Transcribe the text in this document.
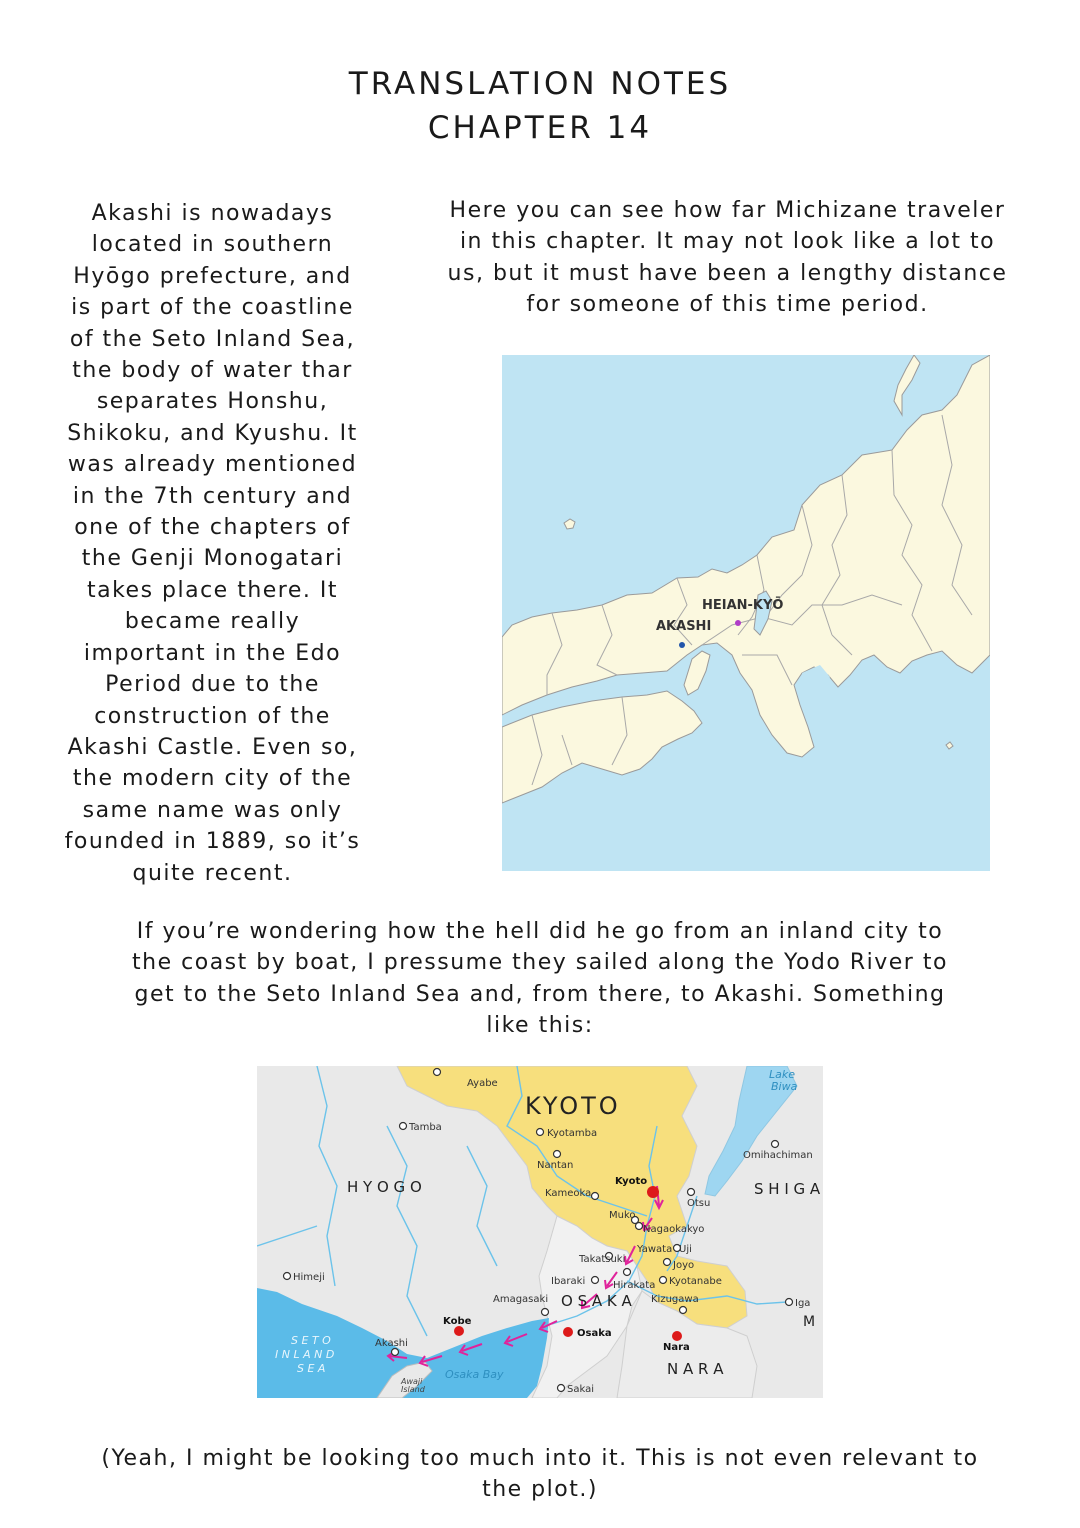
TRANSLATION NOTES
CHAPTER 14
Akashi is nowadays
located in southern
Hyōgo prefecture, and
is part of the coastline
of the Seto Inland Sea,
the body of water thar
separates Honshu,
Shikoku, and Kyushu. It
was already mentioned
in the 7th century and
one of the chapters of
the Genji Monogatari
takes place there. It
became really
important in the Edo
Period due to the
construction of the
Akashi Castle. Even so,
the modern city of the
same name was only
founded in 1889, so it’s
quite recent.
Here you can see how far Michizane traveler
in this chapter. It may not look like a lot to
us, but it must have been a lengthy distance
for someone of this time period.
HEIAN-KYŌ
AKASHI
If you’re wondering how the hell did he go from an inland city to
the coast by boat, I pressume they sailed along the Yodo River to
get to the Seto Inland Sea and, from there, to Akashi. Something
like this:
KYOTO
H Y O G O	S H I G A
O S A K A
N A R A
S E T O
I N L A N D
S E A
Lake
Biwa
Osaka Bay
Awaji
Island
Ayabe
Tamba
Kyotamba
Nantan
Kyoto
Kameoka
Otsu
Omihachiman
Muko
Nagaokakyo
Yawata Uji
Takatsuki
Joyo
Ibaraki	Hirakata Kyotanabe
Himeji
Amagasaki	Kizugawa	Iga
Kobe
Osaka
Nara
Akashi
Sakai
M
(Yeah, I might be looking too much into it. This is not even relevant to
the plot.)
